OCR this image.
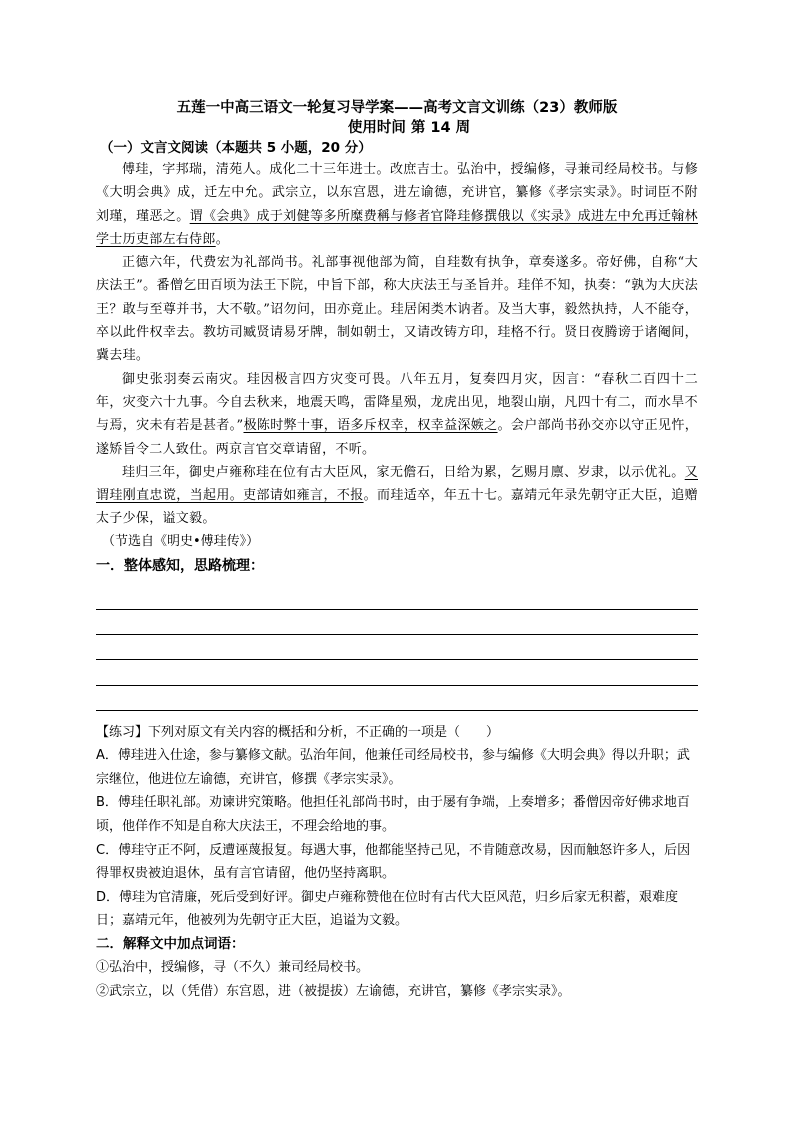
五莲一中高三语文一轮复习导学案——高考文言文训练（23）教师版
使用时间 第 14 周
（一）文言文阅读（本题共 5 小题，20 分）

傅珪，字邦瑞，清苑人。成化二十三年进士。改庶吉士。弘治中，授编修，寻兼司经局校书。与修《大明会典》成，迁左中允。武宗立，以东宫恩，进左谕德，充讲官，纂修《孝宗实录》。时词臣不附刘瑾，瑾恶之。谓《会典》成于刘健等多所糜费稱与修者官降珪修撰俄以《实录》成进左中允再迁翰林学士历吏部左右侍郎。

正德六年，代费宏为礼部尚书。礼部事视他部为简，自珪数有执争，章奏遂多。帝好佛，自称“大庆法王”。番僧乞田百顷为法王下院，中旨下部，称大庆法王与圣旨并。珪佯不知，执奏：“孰为大庆法王？敢与至尊并书，大不敬。”诏勿问，田亦竟止。珪居闲类木讷者。及当大事，毅然执持，人不能夺，卒以此件权幸去。教坊司臧贤请易牙牌，制如朝士，又请改铸方印，珪格不行。贤日夜腾谤于诸阉间，冀去珪。

御史张羽奏云南灾。珪因极言四方灾变可畏。八年五月，复奏四月灾，因言：“春秋二百四十二年，灾变六十九事。今自去秋来，地震天鸣，雷降星殒，龙虎出见，地裂山崩，凡四十有二，而水旱不与焉，灾未有若是甚者。”极陈时弊十事，语多斥权幸，权幸益深嫉之。会户部尚书孙交亦以守正见忤，遂矫旨令二人致仕。两京言官交章请留，不听。

珪归三年，御史卢雍称珪在位有古大臣风，家无儋石，日给为累，乞赐月廪、岁隶，以示优礼。又谓珪刚直忠谠，当起用。吏部请如雍言，不报。而珪适卒，年五十七。嘉靖元年录先朝守正大臣，追赠太子少保，谥文毅。

（节选自《明史•傅珪传》）
一．整体感知，思路梳理：

【练习】下列对原文有关内容的概括和分析，不正确的一项是（　　）

A．傅珪进入仕途，参与纂修文献。弘治年间，他兼任司经局校书，参与编修《大明会典》得以升职；武宗继位，他进位左谕德，充讲官，修撰《孝宗实录》。

B．傅珪任职礼部。劝谏讲究策略。他担任礼部尚书时，由于屡有争端，上奏增多；番僧因帝好佛求地百顷，他佯作不知是自称大庆法王，不理会给地的事。

C．傅珪守正不阿，反遭诬蔑报复。每遇大事，他都能坚持己见，不肯随意改易，因而触怒许多人，后因得罪权贵被迫退休，虽有言官请留，他仍坚持离职。

D．傅珪为官清廉，死后受到好评。御史卢雍称赞他在位时有古代大臣风范，归乡后家无积蓄，艰难度日；嘉靖元年，他被列为先朝守正大臣，追谥为文毅。

二．解释文中加点词语：

①弘治中，授编修，寻（不久）兼司经局校书。

②武宗立，以（凭借）东宫恩，进（被提拔）左谕德，充讲官，纂修《孝宗实录》。
